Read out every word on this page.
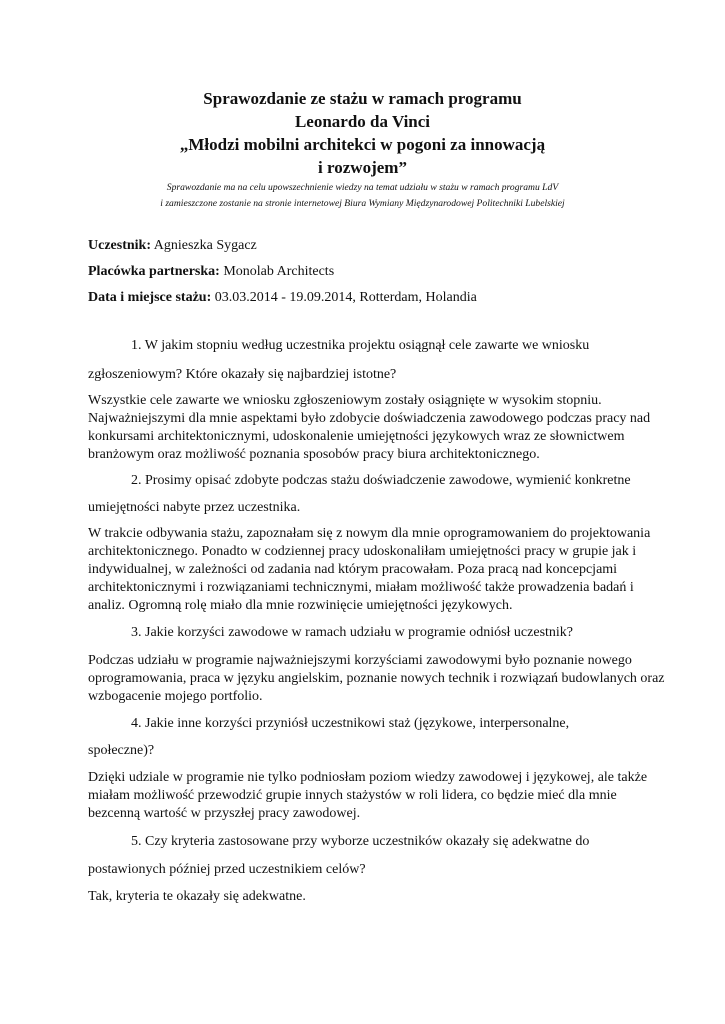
Sprawozdanie ze stażu w ramach programu
Leonardo da Vinci
„Młodzi mobilni architekci w pogoni za innowacją
i rozwojem”
Sprawozdanie ma na celu upowszechnienie wiedzy na temat udziału w stażu w ramach programu LdV
i zamieszczone zostanie na stronie internetowej Biura Wymiany Międzynarodowej Politechniki Lubelskiej
Uczestnik: Agnieszka Sygacz
Placówka partnerska: Monolab Architects
Data i miejsce stażu: 03.03.2014 - 19.09.2014, Rotterdam, Holandia
1. W jakim stopniu według uczestnika projektu osiągnął cele zawarte we wniosku
zgłoszeniowym? Które okazały się najbardziej istotne?
Wszystkie cele zawarte we wniosku zgłoszeniowym zostały osiągnięte w wysokim stopniu.
Najważniejszymi dla mnie aspektami było zdobycie doświadczenia zawodowego podczas pracy nad
konkursami architektonicznymi, udoskonalenie umiejętności językowych wraz ze słownictwem
branżowym oraz możliwość poznania sposobów pracy biura architektonicznego.
2. Prosimy opisać zdobyte podczas stażu doświadczenie zawodowe, wymienić konkretne
umiejętności nabyte przez uczestnika.
W trakcie odbywania stażu, zapoznałam się z nowym dla mnie oprogramowaniem do projektowania
architektonicznego. Ponadto w codziennej pracy udoskonaliłam umiejętności pracy w grupie jak i
indywidualnej, w zależności od zadania nad którym pracowałam. Poza pracą nad koncepcjami
architektonicznymi i rozwiązaniami technicznymi, miałam możliwość także prowadzenia badań i
analiz. Ogromną rolę miało dla mnie rozwinięcie umiejętności językowych.
3. Jakie korzyści zawodowe w ramach udziału w programie odniósł uczestnik?
Podczas udziału w programie najważniejszymi korzyściami zawodowymi było poznanie nowego
oprogramowania, praca w języku angielskim, poznanie nowych technik i rozwiązań budowlanych oraz
wzbogacenie mojego portfolio.
4. Jakie inne korzyści przyniósł uczestnikowi staż (językowe, interpersonalne,
społeczne)?
Dzięki udziale w programie nie tylko podniosłam poziom wiedzy zawodowej i językowej, ale także
miałam możliwość przewodzić grupie innych stażystów w roli lidera, co będzie mieć dla mnie
bezcenną wartość w przyszłej pracy zawodowej.
5. Czy kryteria zastosowane przy wyborze uczestników okazały się adekwatne do
postawionych później przed uczestnikiem celów?
Tak, kryteria te okazały się adekwatne.
